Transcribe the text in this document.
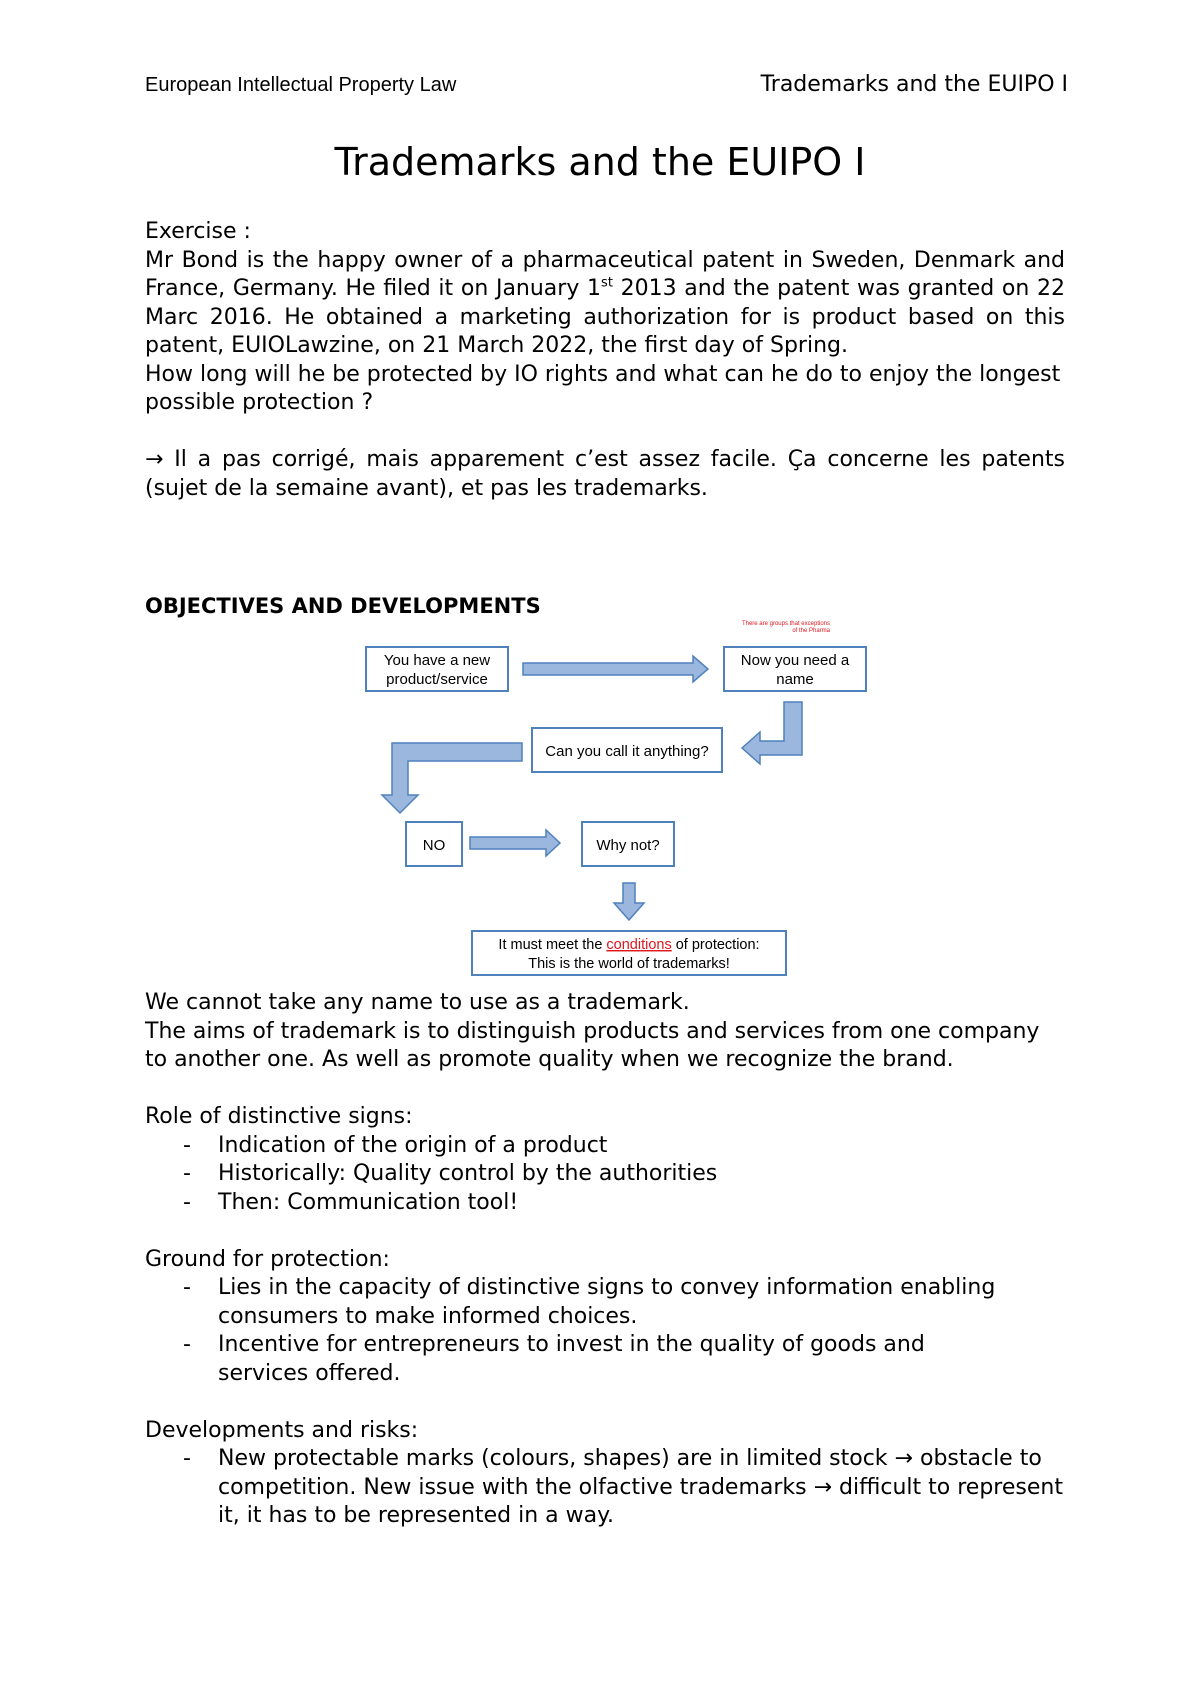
European Intellectual Property Law	Trademarks and the EUIPO I
Trademarks and the EUIPO I

Exercise :

Mr Bond is the happy owner of a pharmaceutical patent in Sweden, Denmark and France, Germany. He filed it on January 1st 2013 and the patent was granted on 22 Marc 2016. He obtained a marketing authorization for is product based on this patent, EUIOLawzine, on 21 March 2022, the first day of Spring.

How long will he be protected by IO rights and what can he do to enjoy the longest possible protection ?

→ Il a pas corrigé, mais apparement c’est assez facile. Ça concerne les patents (sujet de la semaine avant), et pas les trademarks.

OBJECTIVES AND DEVELOPMENTS
There are groups that exceptions
of the Pharma
You have a new
product/service
Now you need a
name
Can you call it anything?
NO	Why not?
It must meet the conditions of protection:
This is the world of trademarks!

We cannot take any name to use as a trademark.

The aims of trademark is to distinguish products and services from one company to another one. As well as promote quality when we recognize the brand.

Role of distinctive signs:

- Indication of the origin of a product
- Historically: Quality control by the authorities
- Then: Communication tool!

Ground for protection:

- Lies in the capacity of distinctive signs to convey information enabling consumers to make informed choices.
- Incentive for entrepreneurs to invest in the quality of goods and services offered.

Developments and risks:

- New protectable marks (colours, shapes) are in limited stock → obstacle to competition. New issue with the olfactive trademarks → difficult to represent it, it has to be represented in a way.
